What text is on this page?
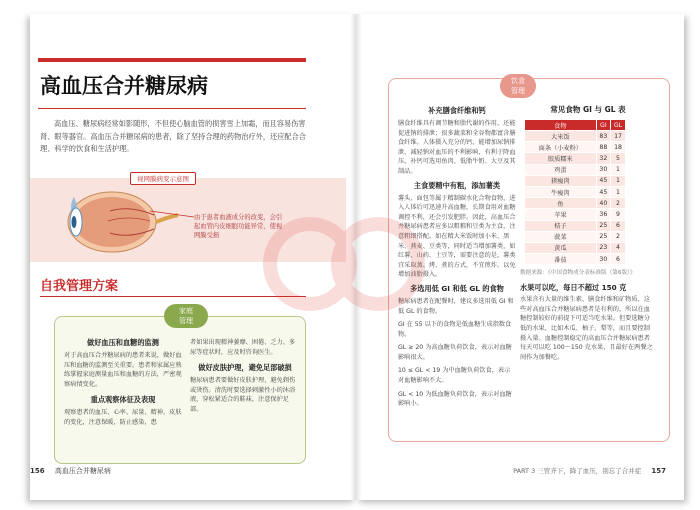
高血压合并糖尿病

高血压、糖尿病经常如影随形，不但使心脑血管的损害雪上加霜，而且容易伤害肾、眼等器官。高血压合并糖尿病的患者，除了坚持合理的药物治疗外，还应配合合理、科学的饮食和生活护理。

视网膜病变示意图

由于患者血液成分的改变，会引起血管内皮细胞功能异常，使视网膜受损

自我管理方案
家庭
管理
做好血压和血糖的监测

对于高血压合并糖尿病的患者来说，做好血压和血糖的监测至关重要。患者和家属应熟练掌握家庭测量血压和血糖的方法，严密观察病情变化。

重点观察体征及表现

观察患者的血压、心率、尿量、精神、皮肤的变化，注意保暖，防止感染，患

者如果出现精神萎靡、困倦、乏力、多尿等症状时，应及时咨询医生。

做好皮肤护理，避免足部破损

糖尿病患者要做好皮肤护理，避免剃伤或烫伤。清洗时要选择刺激性小的沐浴液，穿松紧适合的鞋袜，注意保护足部。

156 高血压合并糖尿病
饮食
管理
补充膳食纤维和钙

膳食纤维具有调节糖和脂代谢的作用，还能促进钠的排泄；很多蔬菜和全谷物都富含膳食纤维。人体摄入充分的钙，能增加尿钠排泄，减轻钠对血压的不利影响，有利于降血压。补钙可选用鱼肉、低脂牛奶、大豆及其制品。

主食要精中有粗，添加薯类

薯头、面包等属于精制碳水化合物食物，进入人体后可迅速升高血糖，长期食用对血糖调控不利，还会引发肥胖。因此，高血压合并糖尿病患者应多以粗粮和豆类为主食，注意粗细搭配。如在精大米饭时加小米、黑米、燕麦、豆类等，同时适当增加薯类，如红薯、山药、土豆等，需要注意的是，薯类宜采取蒸、烤、煮的方式，不宜煎炸。以免增加油脂摄入。

多选用低 GI 和低 GL 的食物

糖尿病患者在配餐时，建议多选用低 GI 和低 GL 的食物。

GI 在 55 以下的食物是低血糖生成指数食物。

GL ≥ 20 为高血糖负荷饮食，表示对血糖影响很大。

10 ≤ GL < 19 为中血糖负荷饮食，表示对血糖影响不大。

GL < 10 为低血糖负荷饮食，表示对血糖影响小。

常见食物 GI 与 GL 表
食物	GI	GL
大米饭	83	17
面条（小麦粉）	88	18
胶质糯米	32	5
鸡蛋	30	1
猪瘦肉	45	1
牛瘦肉	45	1
鱼	40	2
苹果	36	9
桔子	25	6
菠菜	25	2
黄瓜	23	4
番茄	30	6

数据来源：《中国食物成分表标准版（第6版）》

水果可以吃，每日不超过 150 克

水果含有大量的维生素、膳食纤维和矿物质，这些对高血压合并糖尿病患者是有利的，所以在血糖控制较好的前提下可适当吃水果。但要选糖分低的水果，比如木瓜、柚子、梨等，而且要控制摄入量。血糖控制稳定的高血压合并糖尿病患者每天可以吃 100～150 克水果，且最好在两餐之间作为加餐吃。

PART 3 三管齐下，降了血压，别忘了合并症 157
